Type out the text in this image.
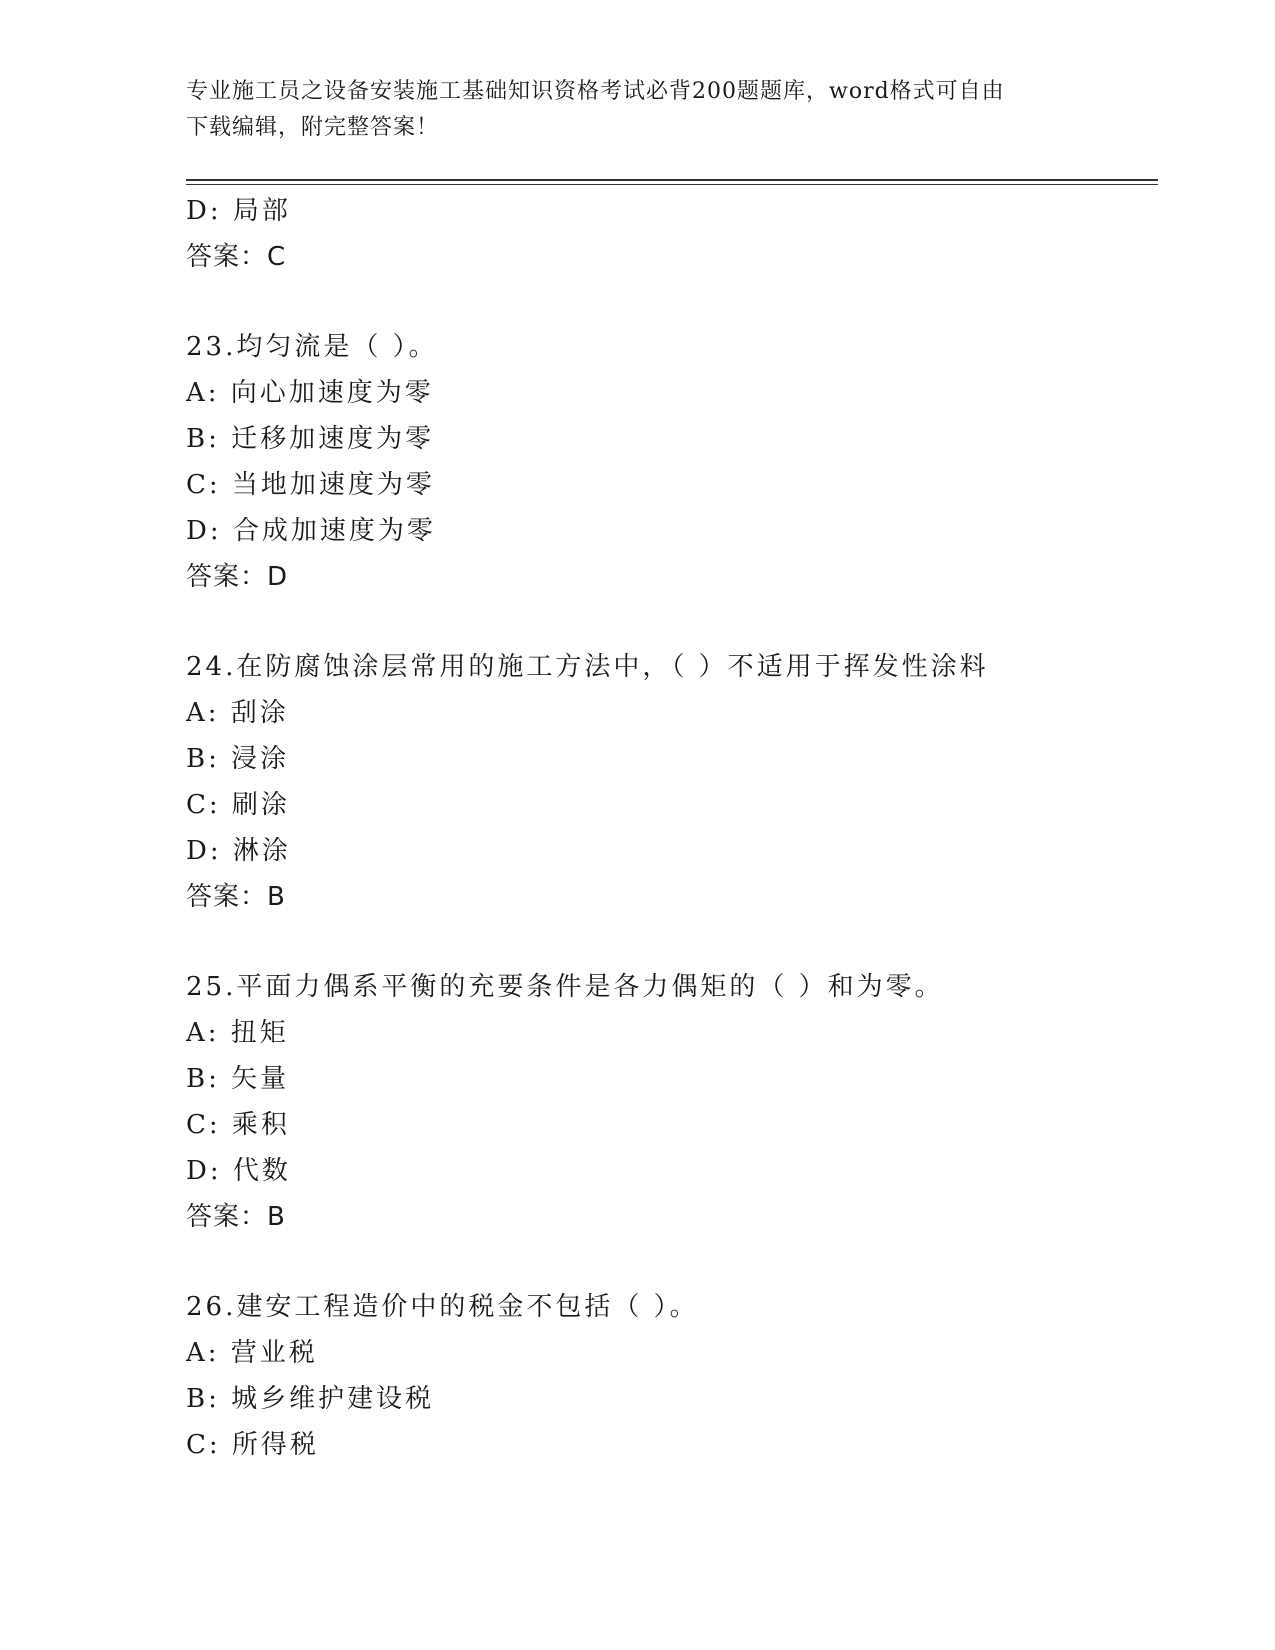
专业施工员之设备安装施工基础知识资格考试必背200题题库，word格式可自由
下载编辑，附完整答案！
D: 局部
答案：C
23.均匀流是（ ）。
A: 向心加速度为零
B: 迁移加速度为零
C: 当地加速度为零
D: 合成加速度为零
答案：D
24.在防腐蚀涂层常用的施工方法中，（ ）不适用于挥发性涂料
A: 刮涂
B: 浸涂
C: 刷涂
D: 淋涂
答案：B
25.平面力偶系平衡的充要条件是各力偶矩的（ ）和为零。
A: 扭矩
B: 矢量
C: 乘积
D: 代数
答案：B
26.建安工程造价中的税金不包括（ ）。
A: 营业税
B: 城乡维护建设税
C: 所得税
